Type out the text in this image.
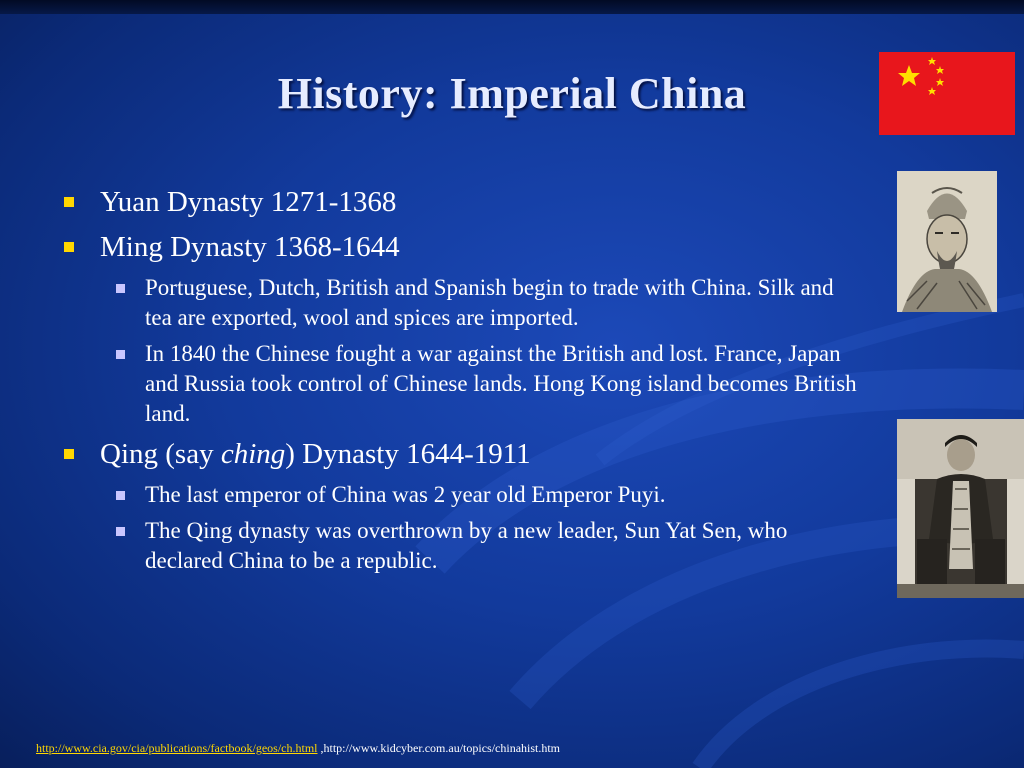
History: Imperial China
Yuan Dynasty 1271-1368
Ming Dynasty 1368-1644
Portuguese, Dutch, British and Spanish begin to trade with China. Silk and tea are exported, wool and spices are imported.
In 1840 the Chinese fought a war against the British and lost. France, Japan and Russia took control of Chinese lands. Hong Kong island becomes British land.
Qing (say ching) Dynasty 1644-1911
The last emperor of China was 2 year old Emperor Puyi.
The Qing dynasty was overthrown by a new leader, Sun Yat Sen, who declared China to be a republic.
http://www.cia.gov/cia/publications/factbook/geos/ch.html ,http://www.kidcyber.com.au/topics/chinahist.htm
